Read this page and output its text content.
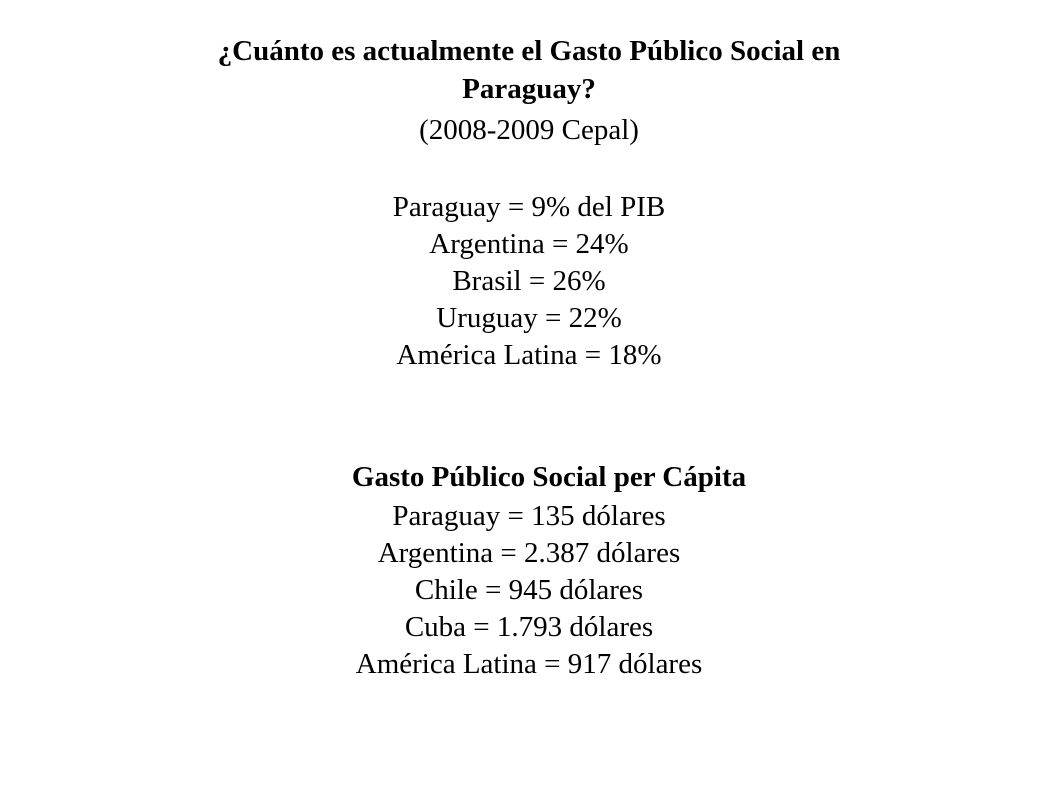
¿Cuánto es actualmente el Gasto Público Social en
Paraguay?
(2008-2009 Cepal)
Paraguay = 9% del PIB
Argentina = 24%
Brasil = 26%
Uruguay = 22%
América Latina = 18%
Gasto Público Social per Cápita
Paraguay = 135 dólares
Argentina = 2.387 dólares
Chile = 945 dólares
Cuba = 1.793 dólares
América Latina = 917 dólares
